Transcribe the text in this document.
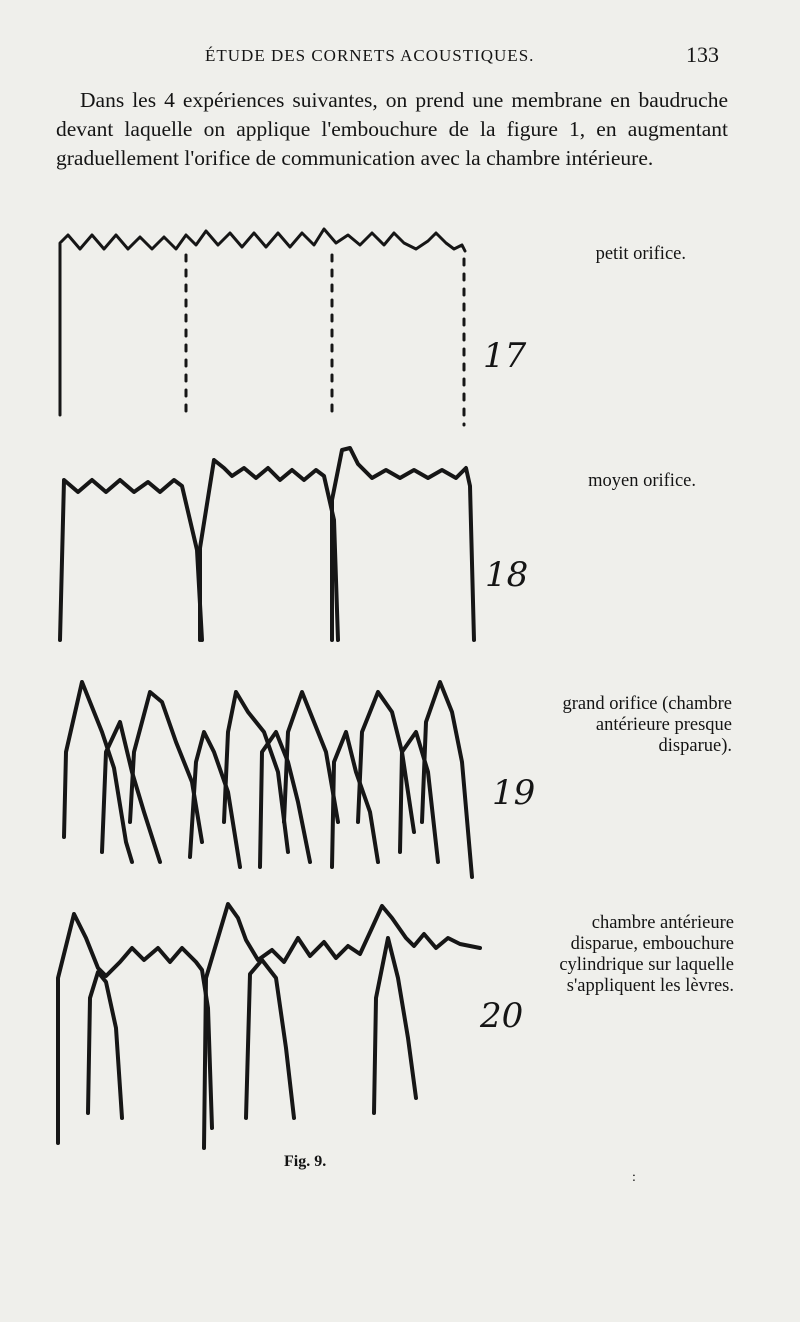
ÉTUDE DES CORNETS ACOUSTIQUES.	133

Dans les 4 expériences suivantes, on prend une membrane en baudruche devant laquelle on applique l'embouchure de la figure 1, en augmentant graduellement l'orifice de communication avec la chambre intérieure.

17

petit orifice.

18

moyen orifice.

19

grand orifice (chambre antérieure presque disparue).

20

chambre antérieure disparue, embouchure cylindrique sur laquelle s'appliquent les lèvres.

Fig. 9.
:
